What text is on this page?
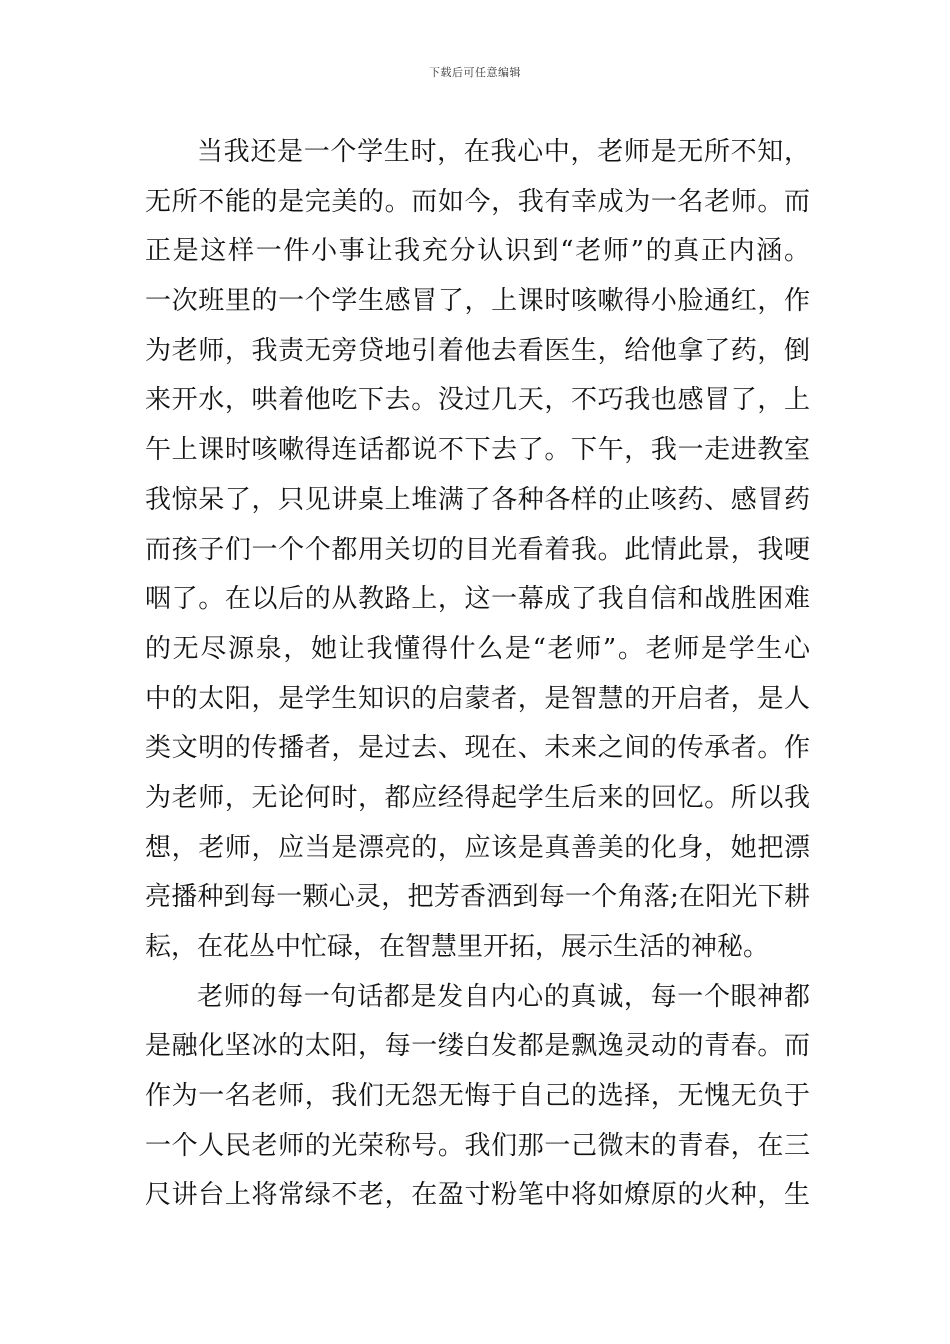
下载后可任意编辑
当我还是一个学生时，在我心中，老师是无所不知，
无所不能的是完美的。而如今，我有幸成为一名老师。而
正是这样一件小事让我充分认识到“老师”的真正内涵。
一次班里的一个学生感冒了，上课时咳嗽得小脸通红，作
为老师，我责无旁贷地引着他去看医生，给他拿了药，倒
来开水，哄着他吃下去。没过几天，不巧我也感冒了，上
午上课时咳嗽得连话都说不下去了。下午，我一走进教室
我惊呆了，只见讲桌上堆满了各种各样的止咳药、感冒药
而孩子们一个个都用关切的目光看着我。此情此景，我哽
咽了。在以后的从教路上，这一幕成了我自信和战胜困难
的无尽源泉，她让我懂得什么是“老师”。老师是学生心
中的太阳，是学生知识的启蒙者，是智慧的开启者，是人
类文明的传播者，是过去、现在、未来之间的传承者。作
为老师，无论何时，都应经得起学生后来的回忆。所以我
想，老师，应当是漂亮的，应该是真善美的化身，她把漂
亮播种到每一颗心灵，把芳香洒到每一个角落;在阳光下耕
耘，在花丛中忙碌，在智慧里开拓，展示生活的神秘。
老师的每一句话都是发自内心的真诚，每一个眼神都
是融化坚冰的太阳，每一缕白发都是飘逸灵动的青春。而
作为一名老师，我们无怨无悔于自己的选择，无愧无负于
一个人民老师的光荣称号。我们那一己微末的青春，在三
尺讲台上将常绿不老，在盈寸粉笔中将如燎原的火种，生
